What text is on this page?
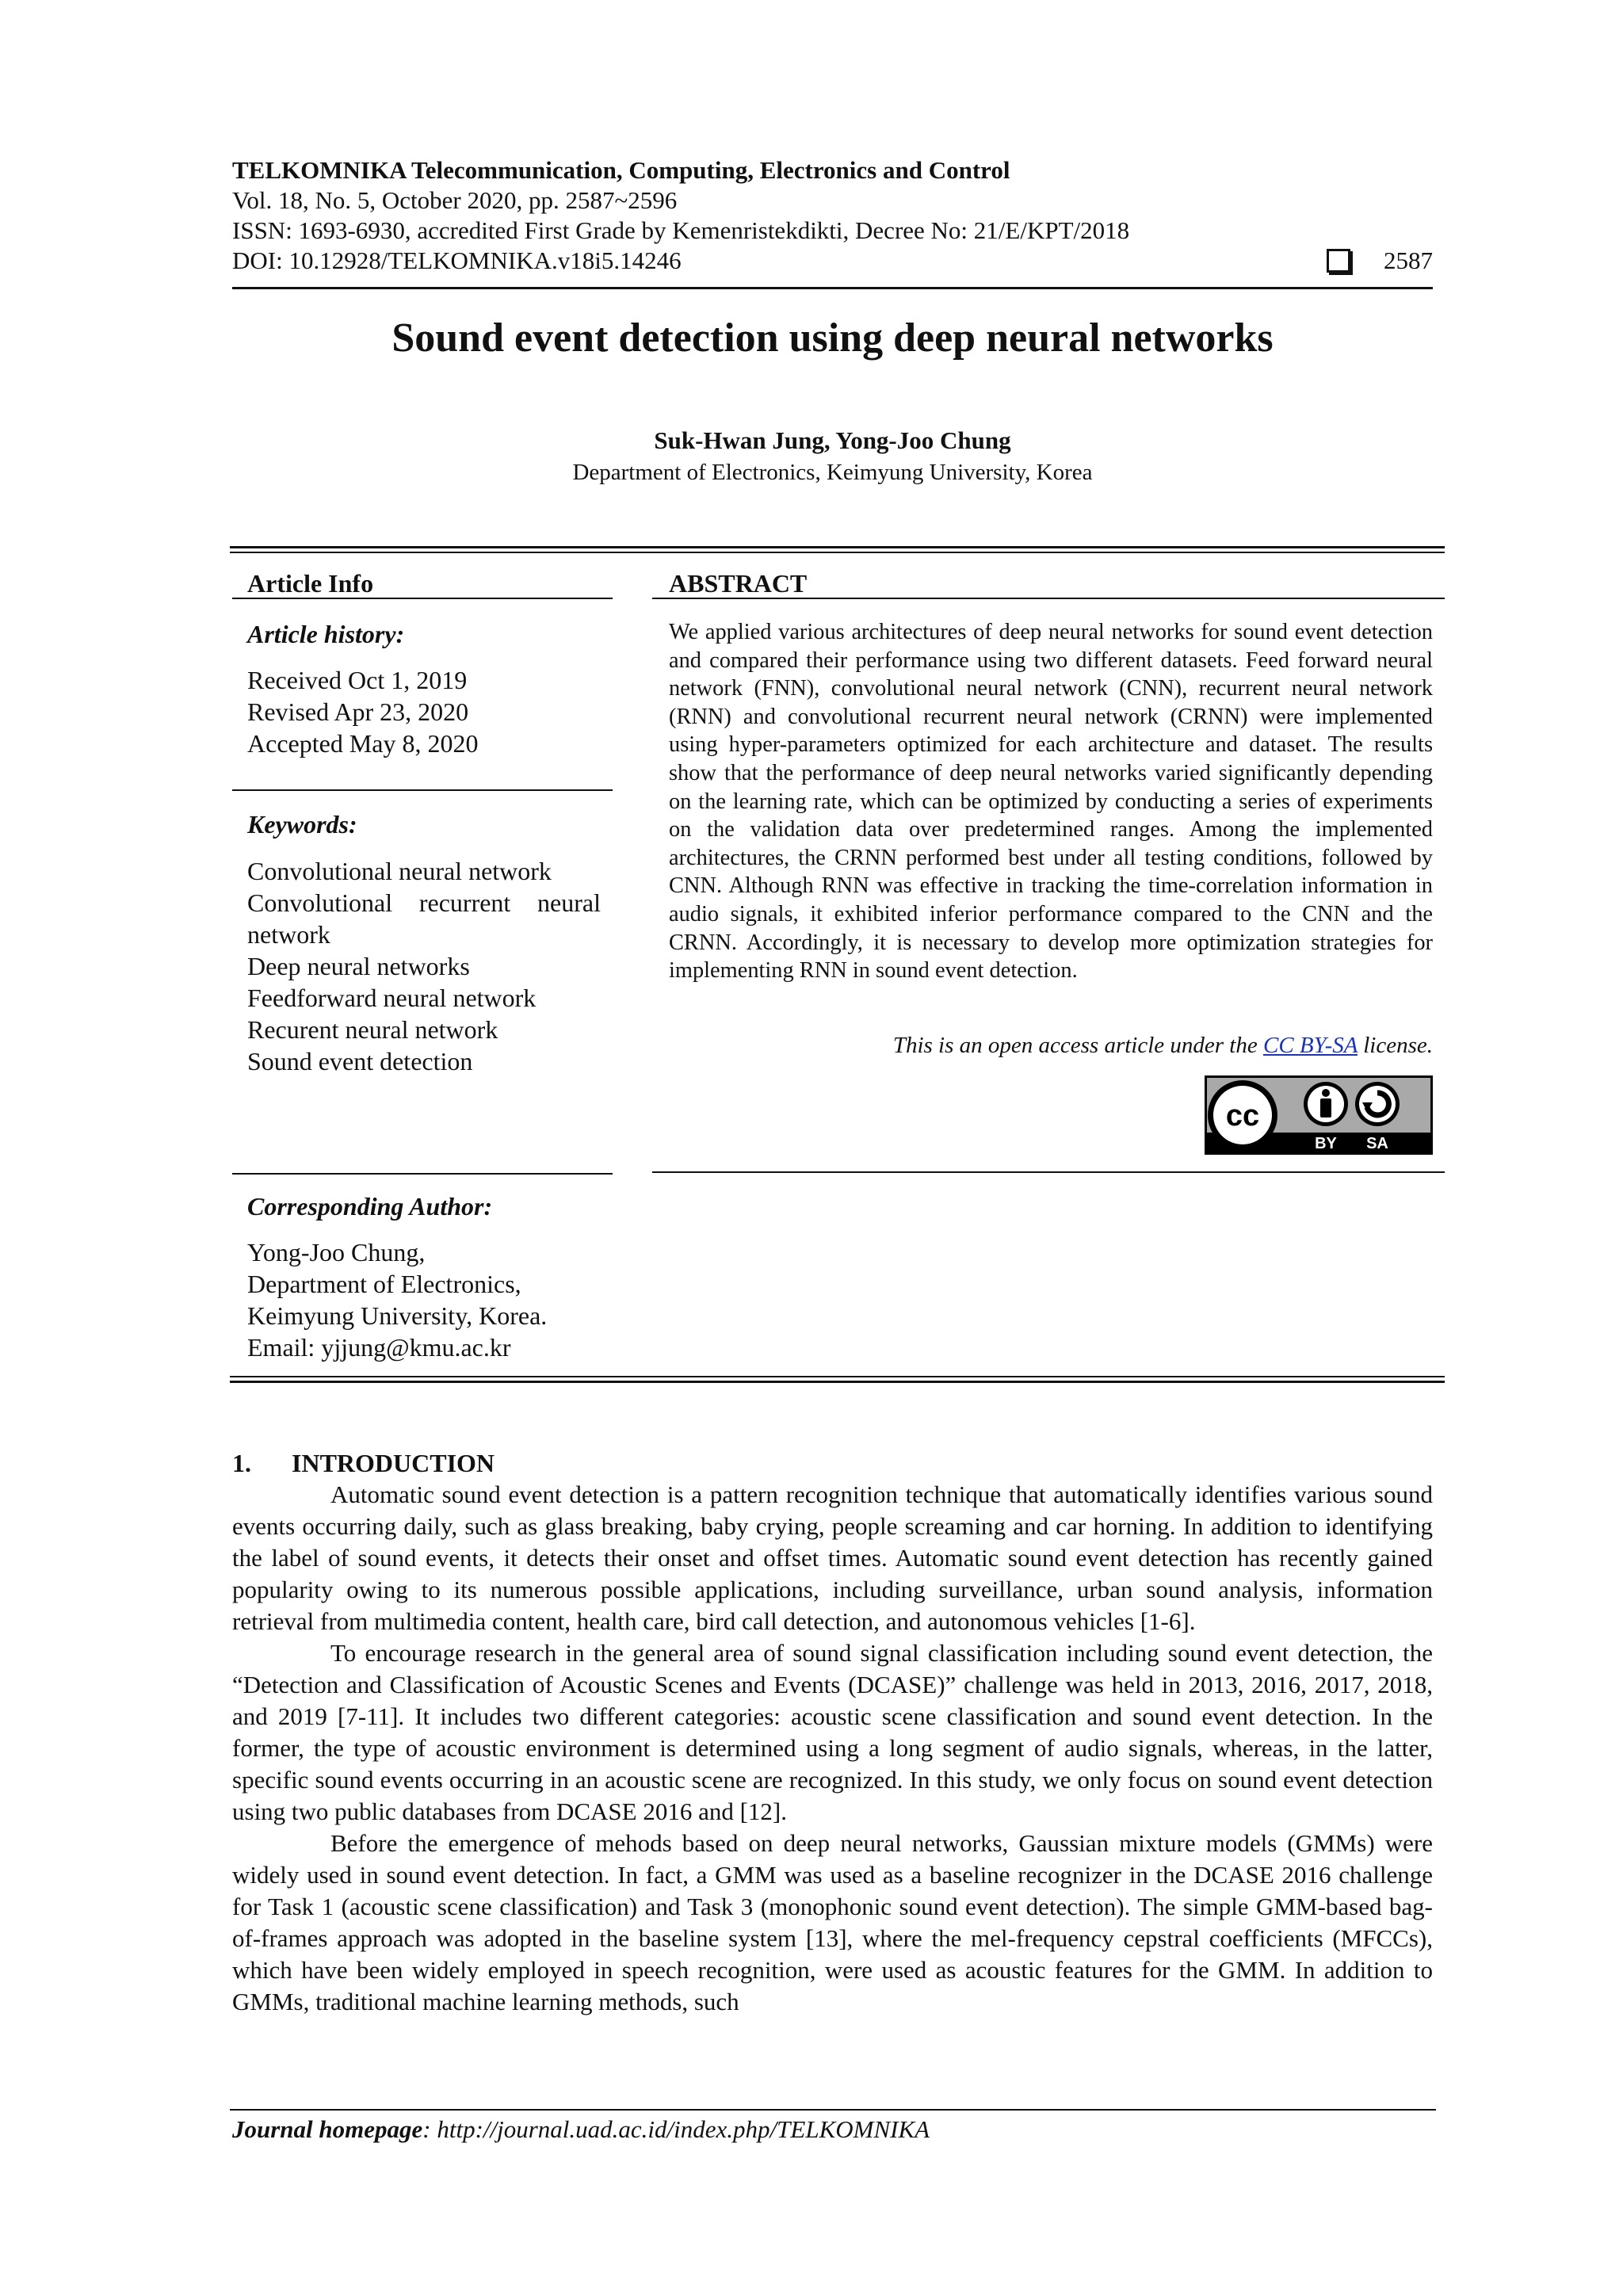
TELKOMNIKA Telecommunication, Computing, Electronics and Control
Vol. 18, No. 5, October 2020, pp. 2587~2596
ISSN: 1693-6930, accredited First Grade by Kemenristekdikti, Decree No: 21/E/KPT/2018
DOI: 10.12928/TELKOMNIKA.v18i5.14246	2587
Sound event detection using deep neural networks
Suk-Hwan Jung, Yong-Joo Chung
Department of Electronics, Keimyung University, Korea
Article Info
Article history:
Received Oct 1, 2019
Revised Apr 23, 2020
Accepted May 8, 2020
Keywords:
Convolutional neural network
Convolutional recurrent neural
network
Deep neural networks
Feedforward neural network
Recurent neural network
Sound event detection
Corresponding Author:
Yong-Joo Chung,
Department of Electronics,
Keimyung University, Korea.
Email: yjjung@kmu.ac.kr
ABSTRACT
We applied various architectures of deep neural networks for sound event detection and compared their performance using two different datasets. Feed forward neural network (FNN), convolutional neural network (CNN), recurrent neural network (RNN) and convolutional recurrent neural network (CRNN) were implemented using hyper-parameters optimized for each architecture and dataset. The results show that the performance of deep neural networks varied significantly depending on the learning rate, which can be optimized by conducting a series of experiments on the validation data over predetermined ranges. Among the implemented architectures, the CRNN performed best under all testing conditions, followed by CNN. Although RNN was effective in tracking the time-correlation information in audio signals, it exhibited inferior performance compared to the CNN and the CRNN. Accordingly, it is necessary to develop more optimization strategies for implementing RNN in sound event detection.
This is an open access article under the CC BY-SA license.
cc
BY SA
1. INTRODUCTION

Automatic sound event detection is a pattern recognition technique that automatically identifies various sound events occurring daily, such as glass breaking, baby crying, people screaming and car horning. In addition to identifying the label of sound events, it detects their onset and offset times. Automatic sound event detection has recently gained popularity owing to its numerous possible applications, including surveillance, urban sound analysis, information retrieval from multimedia content, health care, bird call detection, and autonomous vehicles [1-6].

To encourage research in the general area of sound signal classification including sound event detection, the “Detection and Classification of Acoustic Scenes and Events (DCASE)” challenge was held in 2013, 2016, 2017, 2018, and 2019 [7-11]. It includes two different categories: acoustic scene classification and sound event detection. In the former, the type of acoustic environment is determined using a long segment of audio signals, whereas, in the latter, specific sound events occurring in an acoustic scene are recognized. In this study, we only focus on sound event detection using two public databases from DCASE 2016 and [12].

Before the emergence of mehods based on deep neural networks, Gaussian mixture models (GMMs) were widely used in sound event detection. In fact, a GMM was used as a baseline recognizer in the DCASE 2016 challenge for Task 1 (acoustic scene classification) and Task 3 (monophonic sound event detection). The simple GMM-based bag-of-frames approach was adopted in the baseline system [13], where the mel-frequency cepstral coefficients (MFCCs), which have been widely employed in speech recognition, were used as acoustic features for the GMM. In addition to GMMs, traditional machine learning methods, such

Journal homepage: http://journal.uad.ac.id/index.php/TELKOMNIKA
